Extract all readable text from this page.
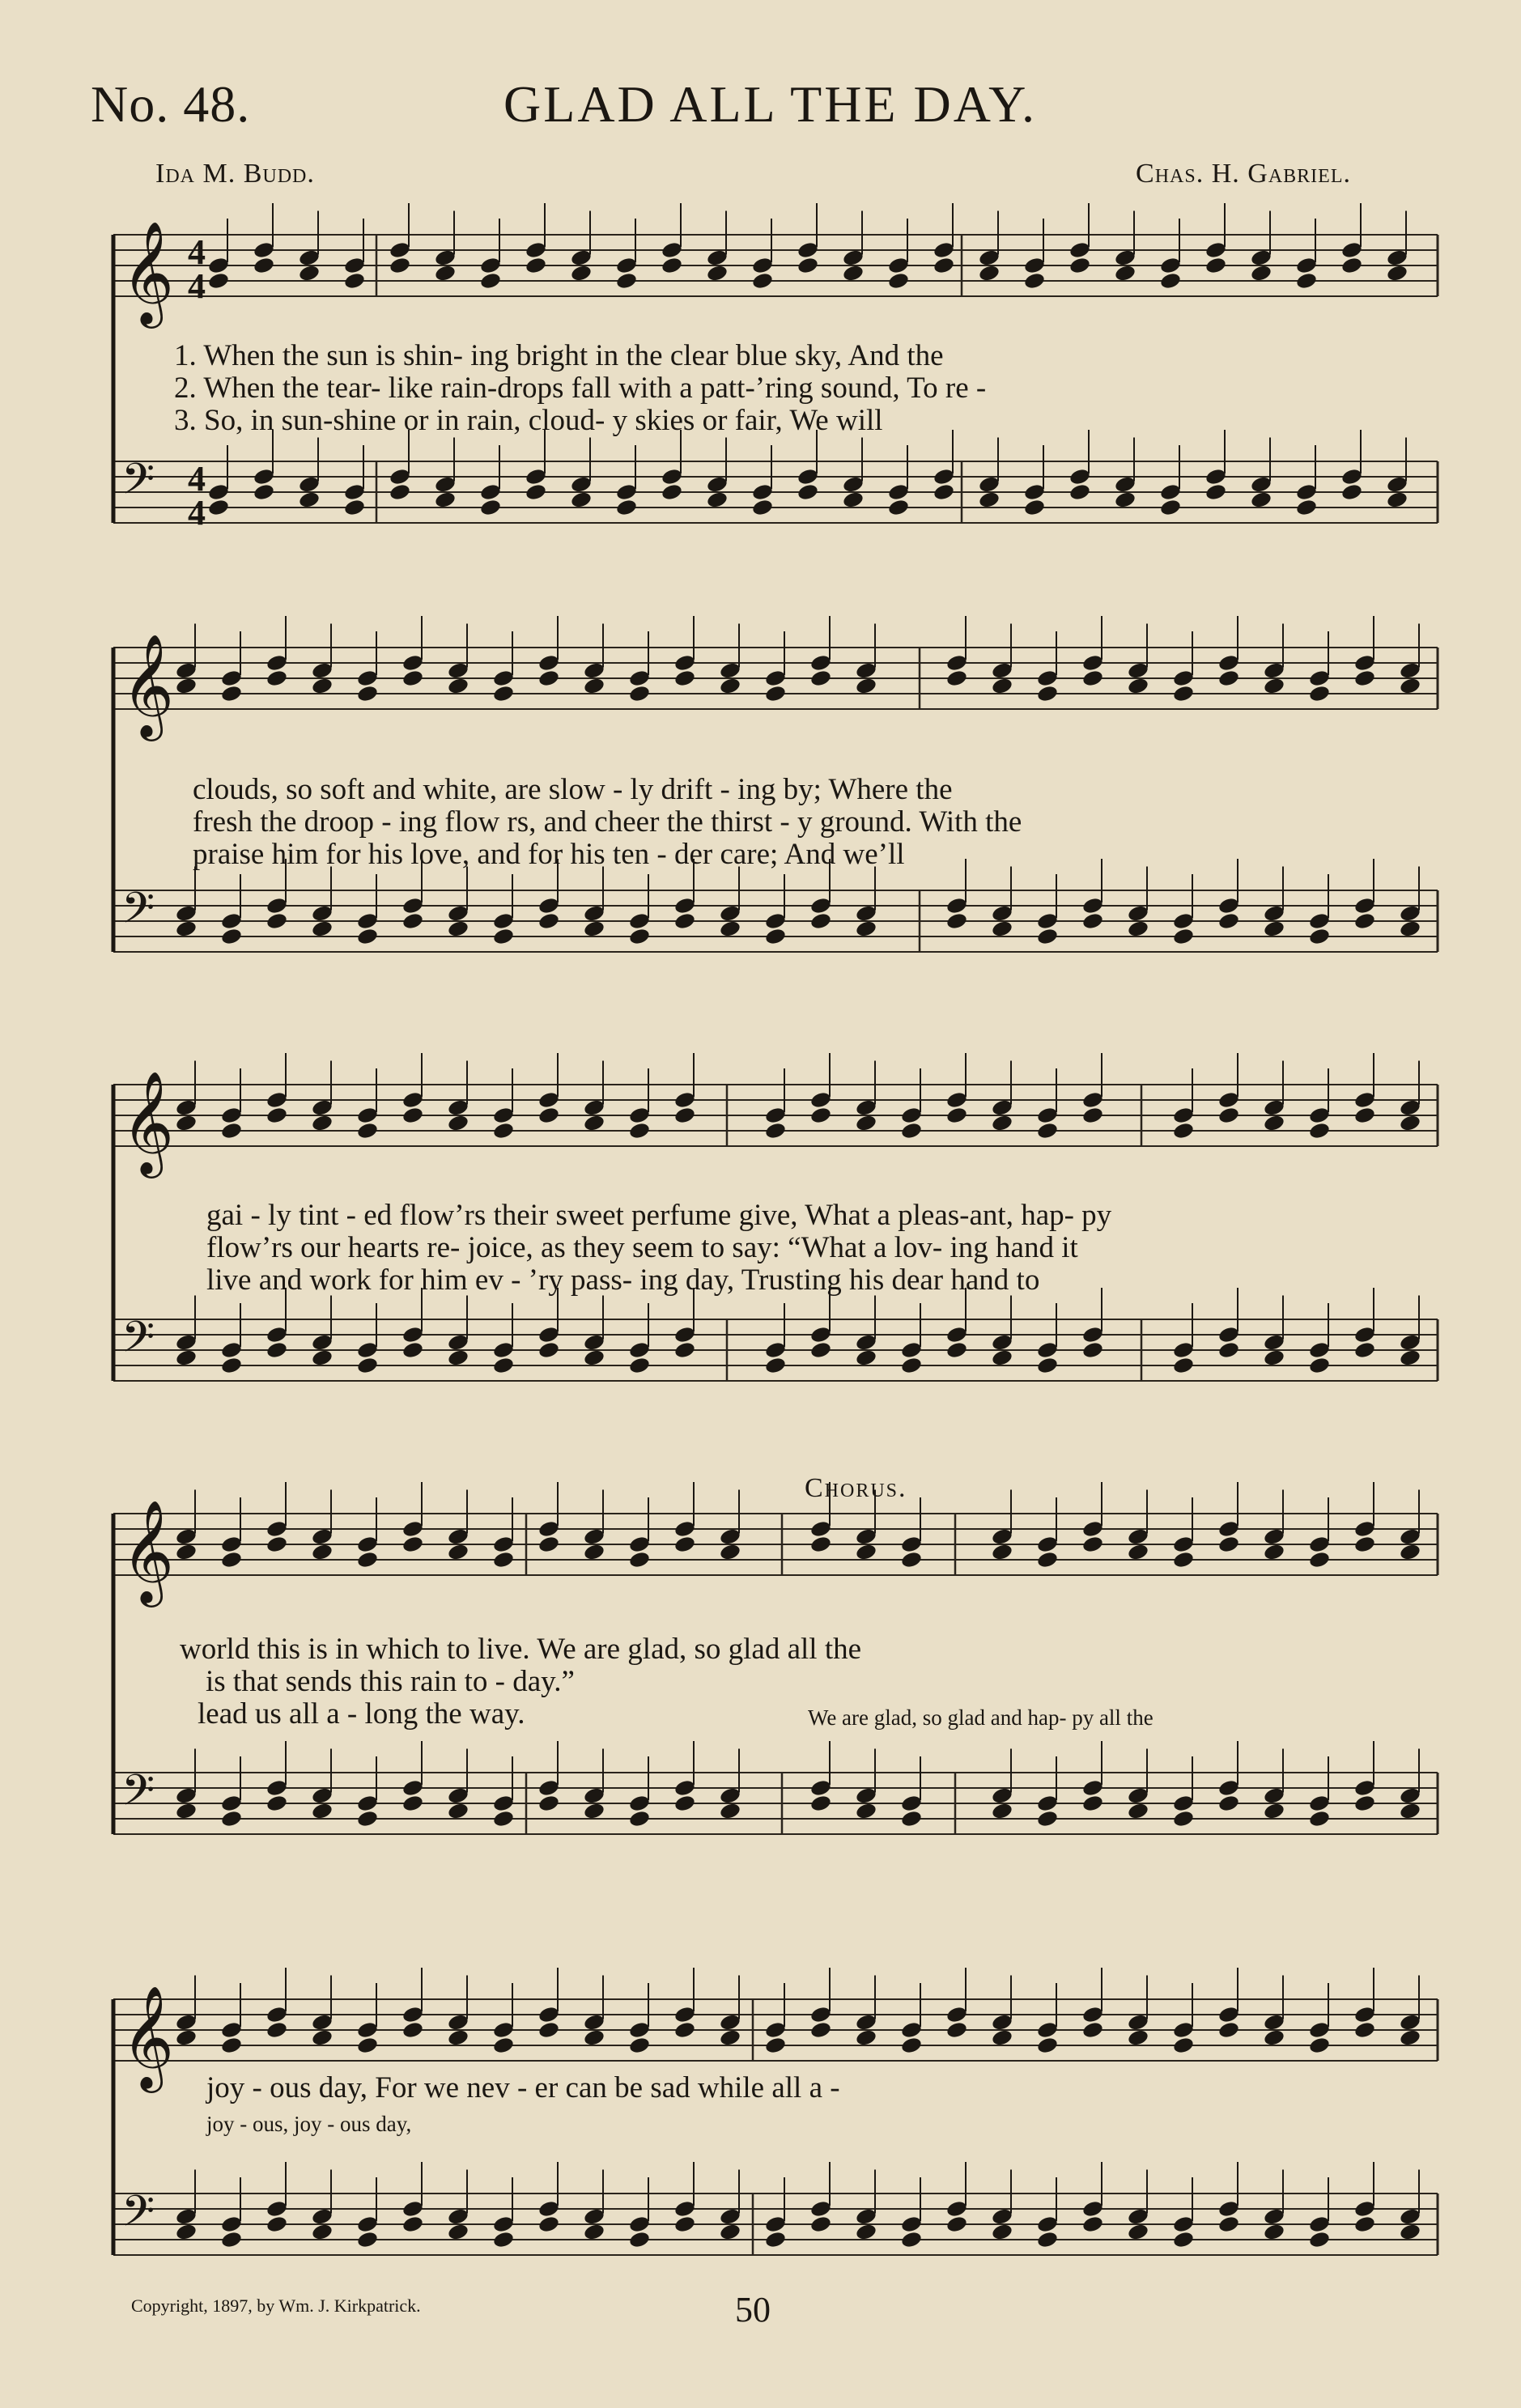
No. 48.	GLAD ALL THE DAY.
Ida M. Budd.	Chas. H. Gabriel.
𝄞
𝄢
4
4
4
4
1. When the sun is shin- ing bright in the clear blue sky, And the
2. When the tear- like rain-drops fall with a patt-’ring sound, To re -
3. So, in sun-shine or in rain, cloud- y skies or fair, We will
𝄞
𝄢
clouds, so soft and white, are slow - ly drift - ing by; Where the
fresh the droop - ing flow rs, and cheer the thirst - y ground. With the
praise him for his love, and for his ten - der care; And we’ll
𝄞
𝄢
gai - ly tint - ed flow’rs their sweet perfume give, What a pleas-ant, hap- py
flow’rs our hearts re- joice, as they seem to say: “What a lov- ing hand it
live and work for him ev - ’ry pass- ing day, Trusting his dear hand to
𝄞
𝄢
Chorus.
world this is in which to live. We are glad, so glad all the
is that sends this rain to - day.”
lead us all a - long the way.	We are glad, so glad and hap- py all the
𝄞
𝄢
joy - ous day, For we nev - er can be sad while all a -
joy - ous, joy - ous day,
Copyright, 1897, by Wm. J. Kirkpatrick.	50
